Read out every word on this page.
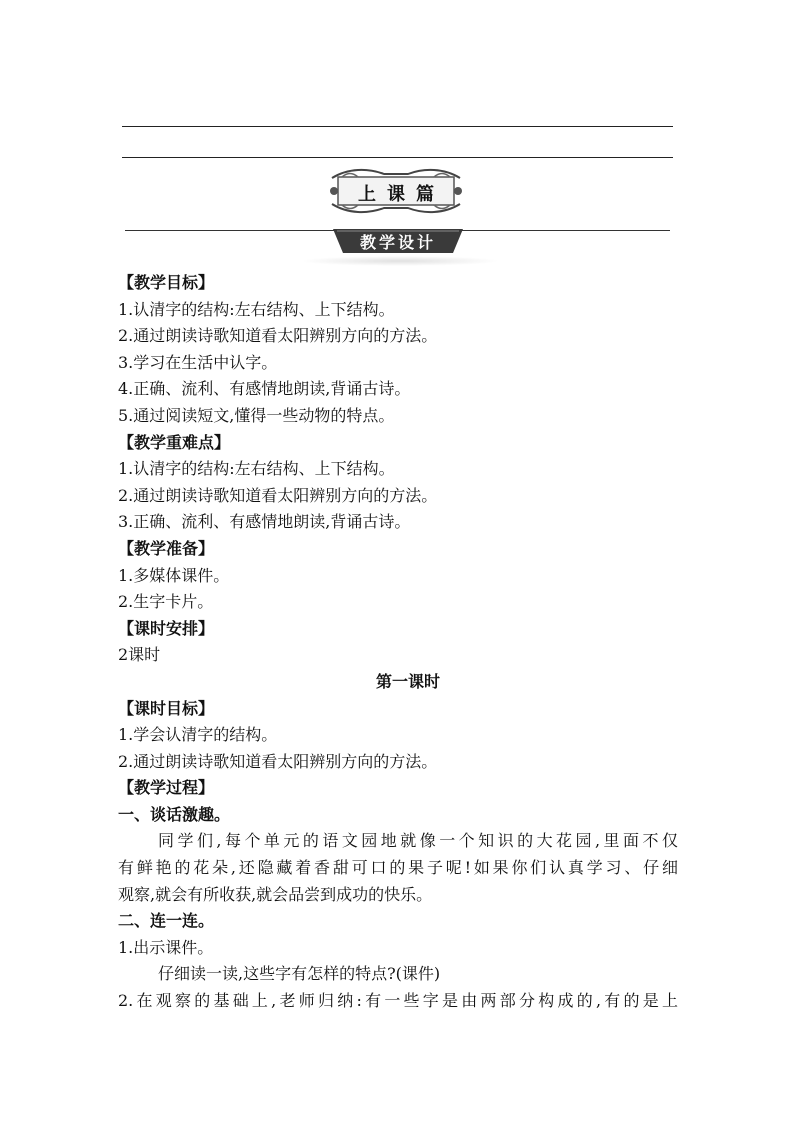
上课篇
教学设计
【教学目标】
1.认清字的结构:左右结构、上下结构。
2.通过朗读诗歌知道看太阳辨别方向的方法。
3.学习在生活中认字。
4.正确、流利、有感情地朗读,背诵古诗。
5.通过阅读短文,懂得一些动物的特点。
【教学重难点】
1.认清字的结构:左右结构、上下结构。
2.通过朗读诗歌知道看太阳辨别方向的方法。
3.正确、流利、有感情地朗读,背诵古诗。
【教学准备】
1.多媒体课件。
2.生字卡片。
【课时安排】
2课时
第一课时
【课时目标】
1.学会认清字的结构。
2.通过朗读诗歌知道看太阳辨别方向的方法。
【教学过程】
一、谈话激趣。
同学们,每个单元的语文园地就像一个知识的大花园,里面不仅
有鲜艳的花朵,还隐藏着香甜可口的果子呢!如果你们认真学习、仔细
观察,就会有所收获,就会品尝到成功的快乐。
二、连一连。
1.出示课件。
仔细读一读,这些字有怎样的特点?(课件)
2.在观察的基础上,老师归纳:有一些字是由两部分构成的,有的是上
